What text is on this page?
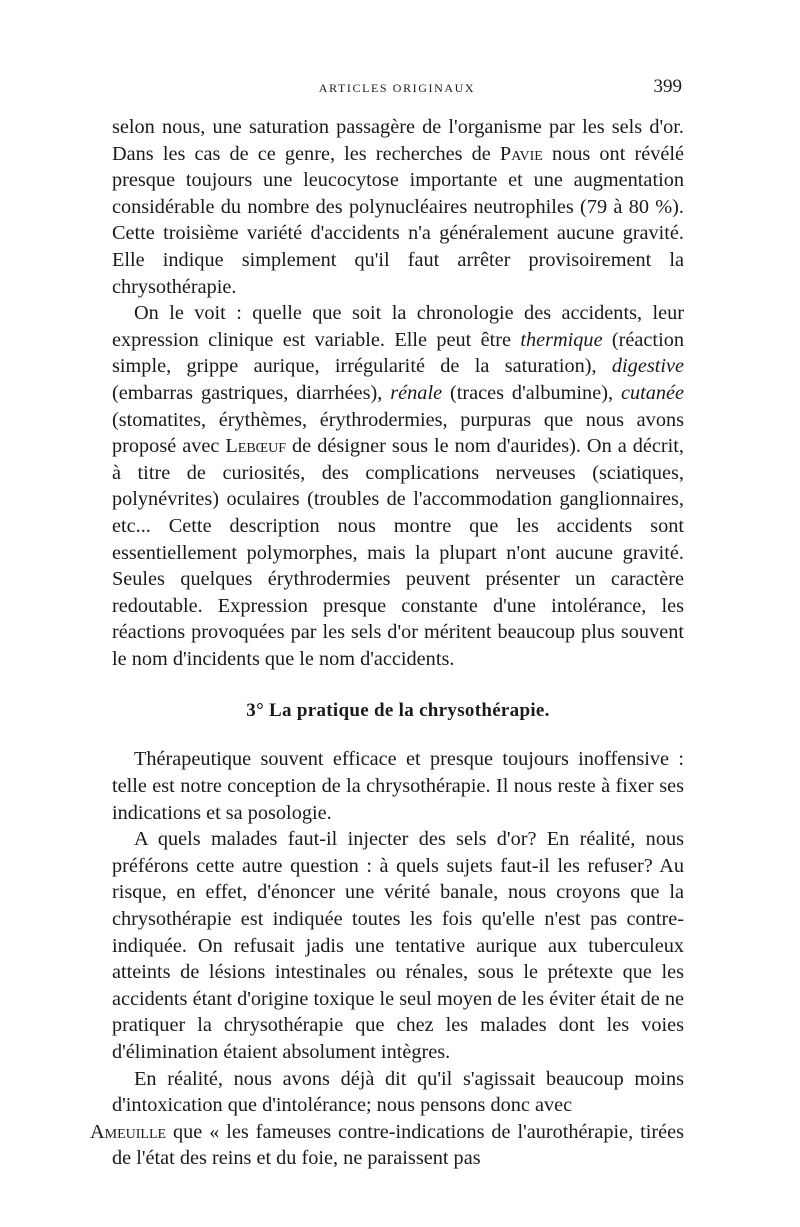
ARTICLES ORIGINAUX	399

selon nous, une saturation passagère de l'organisme par les sels d'or. Dans les cas de ce genre, les recherches de Pavie nous ont révélé presque toujours une leucocytose importante et une augmentation considérable du nombre des polynucléaires neutrophiles (79 à 80 %). Cette troisième variété d'accidents n'a généralement aucune gravité. Elle indique simplement qu'il faut arrêter provisoirement la chrysothérapie.

On le voit : quelle que soit la chronologie des accidents, leur expression clinique est variable. Elle peut être thermique (réaction simple, grippe aurique, irrégularité de la saturation), digestive (embarras gastriques, diarrhées), rénale (traces d'albumine), cutanée (stomatites, érythèmes, érythrodermies, purpuras que nous avons proposé avec Lebœuf de désigner sous le nom d'aurides). On a décrit, à titre de curiosités, des complications nerveuses (sciatiques, polynévrites) oculaires (troubles de l'accommodation ganglionnaires, etc... Cette description nous montre que les accidents sont essentiellement polymorphes, mais la plupart n'ont aucune gravité. Seules quelques érythrodermies peuvent présenter un caractère redoutable. Expression presque constante d'une intolérance, les réactions provoquées par les sels d'or méritent beaucoup plus souvent le nom d'incidents que le nom d'accidents.

3° La pratique de la chrysothérapie.

Thérapeutique souvent efficace et presque toujours inoffensive : telle est notre conception de la chrysothérapie. Il nous reste à fixer ses indications et sa posologie.

A quels malades faut-il injecter des sels d'or? En réalité, nous préférons cette autre question : à quels sujets faut-il les refuser? Au risque, en effet, d'énoncer une vérité banale, nous croyons que la chrysothérapie est indiquée toutes les fois qu'elle n'est pas contre-indiquée. On refusait jadis une tentative aurique aux tuberculeux atteints de lésions intestinales ou rénales, sous le prétexte que les accidents étant d'origine toxique le seul moyen de les éviter était de ne pratiquer la chrysothérapie que chez les malades dont les voies d'élimination étaient absolument intègres.

En réalité, nous avons déjà dit qu'il s'agissait beaucoup moins d'intoxication que d'intolérance; nous pensons donc avec
Ameuille que « les fameuses contre-indications de l'aurothérapie, tirées de l'état des reins et du foie, ne paraissent pas
